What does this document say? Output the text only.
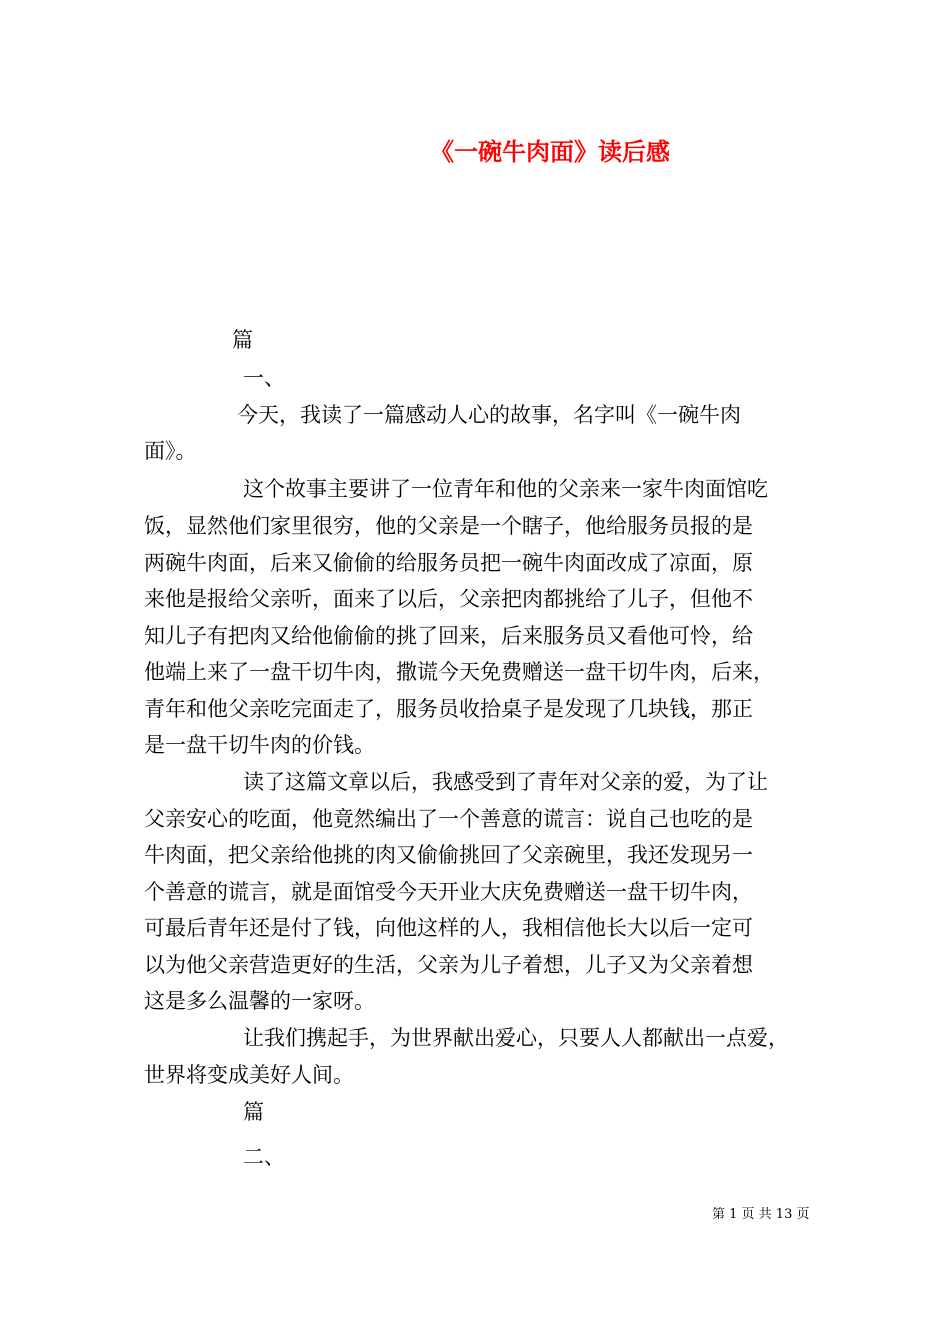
《一碗牛肉面》读后感
篇
一、
今天，我读了一篇感动人心的故事，名字叫《一碗牛肉
面》。
这个故事主要讲了一位青年和他的父亲来一家牛肉面馆吃
饭，显然他们家里很穷，他的父亲是一个瞎子，他给服务员报的是
两碗牛肉面，后来又偷偷的给服务员把一碗牛肉面改成了凉面，原
来他是报给父亲听，面来了以后，父亲把肉都挑给了儿子，但他不
知儿子有把肉又给他偷偷的挑了回来，后来服务员又看他可怜，给
他端上来了一盘干切牛肉，撒谎今天免费赠送一盘干切牛肉，后来，
青年和他父亲吃完面走了，服务员收拾桌子是发现了几块钱，那正
是一盘干切牛肉的价钱。
读了这篇文章以后，我感受到了青年对父亲的爱，为了让
父亲安心的吃面，他竟然编出了一个善意的谎言：说自己也吃的是
牛肉面，把父亲给他挑的肉又偷偷挑回了父亲碗里，我还发现另一
个善意的谎言，就是面馆受今天开业大庆免费赠送一盘干切牛肉，
可最后青年还是付了钱，向他这样的人，我相信他长大以后一定可
以为他父亲营造更好的生活，父亲为儿子着想，儿子又为父亲着想
这是多么温馨的一家呀。
让我们携起手，为世界献出爱心，只要人人都献出一点爱，
世界将变成美好人间。
篇
二、
第 1 页 共 13 页
